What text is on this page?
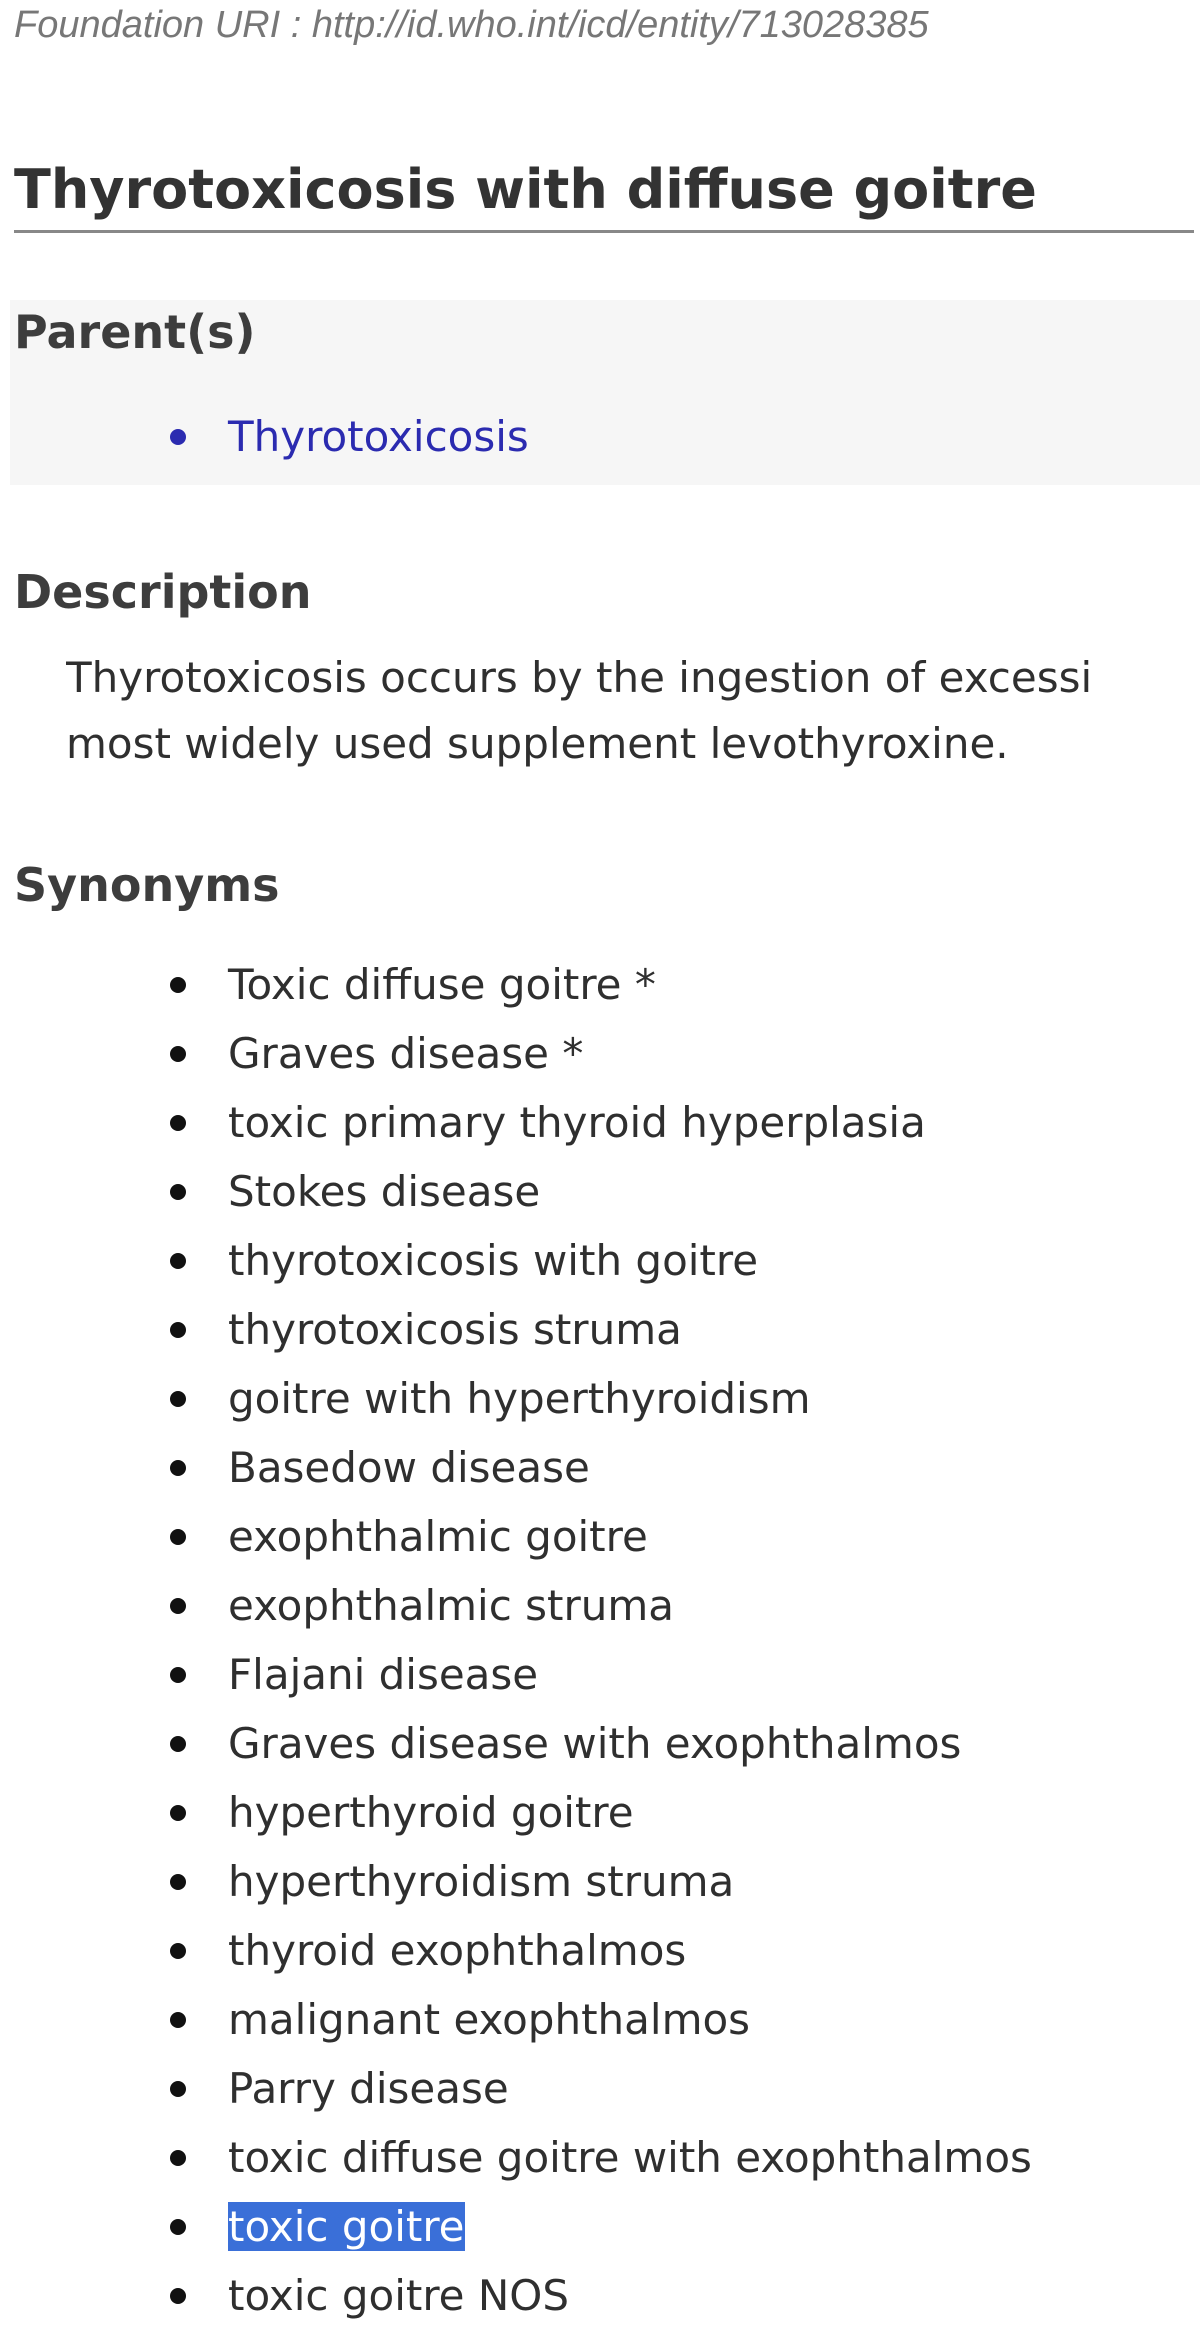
Foundation URI : http://id.who.int/icd/entity/713028385
Thyrotoxicosis with diffuse goitre
Parent(s)
Thyrotoxicosis
Description
Thyrotoxicosis occurs by the ingestion of excessi
most widely used supplement levothyroxine.
Synonyms
Toxic diffuse goitre *
Graves disease *
toxic primary thyroid hyperplasia
Stokes disease
thyrotoxicosis with goitre
thyrotoxicosis struma
goitre with hyperthyroidism
Basedow disease
exophthalmic goitre
exophthalmic struma
Flajani disease
Graves disease with exophthalmos
hyperthyroid goitre
hyperthyroidism struma
thyroid exophthalmos
malignant exophthalmos
Parry disease
toxic diffuse goitre with exophthalmos
toxic goitre
toxic goitre NOS
